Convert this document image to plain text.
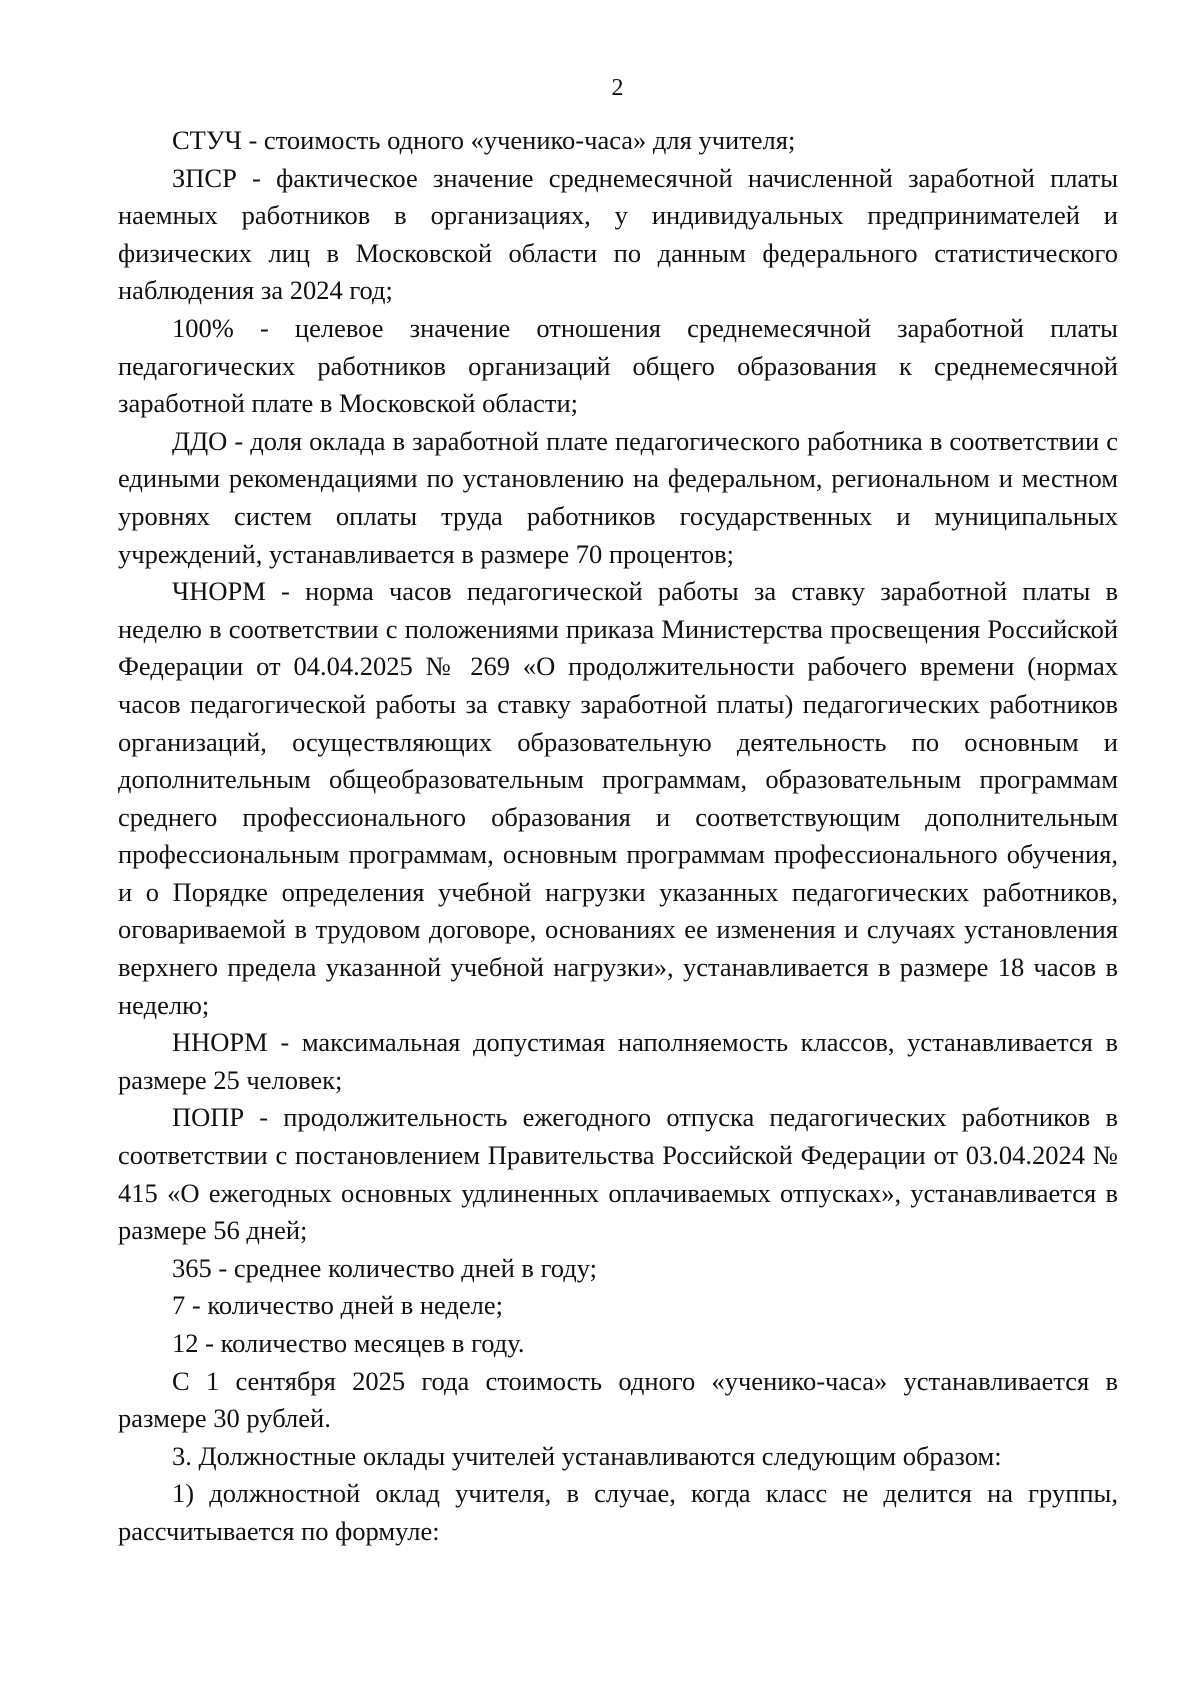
2

СТУЧ - стоимость одного «ученико-часа» для учителя;

ЗПСР - фактическое значение среднемесячной начисленной заработной платы наемных работников в организациях, у индивидуальных предпринимателей и физических лиц в Московской области по данным федерального статистического наблюдения за 2024 год;

100% - целевое значение отношения среднемесячной заработной платы педагогических работников организаций общего образования к среднемесячной заработной плате в Московской области;

ДДО - доля оклада в заработной плате педагогического работника в соответствии с едиными рекомендациями по установлению на федеральном, региональном и местном уровнях систем оплаты труда работников государственных и муниципальных учреждений, устанавливается в размере 70 процентов;

ЧНОРМ - норма часов педагогической работы за ставку заработной платы в неделю в соответствии с положениями приказа Министерства просвещения Российской Федерации от 04.04.2025 № 269 «О продолжительности рабочего времени (нормах часов педагогической работы за ставку заработной платы) педагогических работников организаций, осуществляющих образовательную деятельность по основным и дополнительным общеобразовательным программам, образовательным программам среднего профессионального образования и соответствующим дополнительным профессиональным программам, основным программам профессионального обучения, и о Порядке определения учебной нагрузки указанных педагогических работников, оговариваемой в трудовом договоре, основаниях ее изменения и случаях установления верхнего предела указанной учебной нагрузки», устанавливается в размере 18 часов в неделю;

ННОРМ - максимальная допустимая наполняемость классов, устанавливается в размере 25 человек;

ПОПР - продолжительность ежегодного отпуска педагогических работников в соответствии с постановлением Правительства Российской Федерации от 03.04.2024 № 415 «О ежегодных основных удлиненных оплачиваемых отпусках», устанавливается в размере 56 дней;

365 - среднее количество дней в году;

7 - количество дней в неделе;

12 - количество месяцев в году.

С 1 сентября 2025 года стоимость одного «ученико-часа» устанавливается в размере 30 рублей.

3. Должностные оклады учителей устанавливаются следующим образом:

1) должностной оклад учителя, в случае, когда класс не делится на группы, рассчитывается по формуле:
